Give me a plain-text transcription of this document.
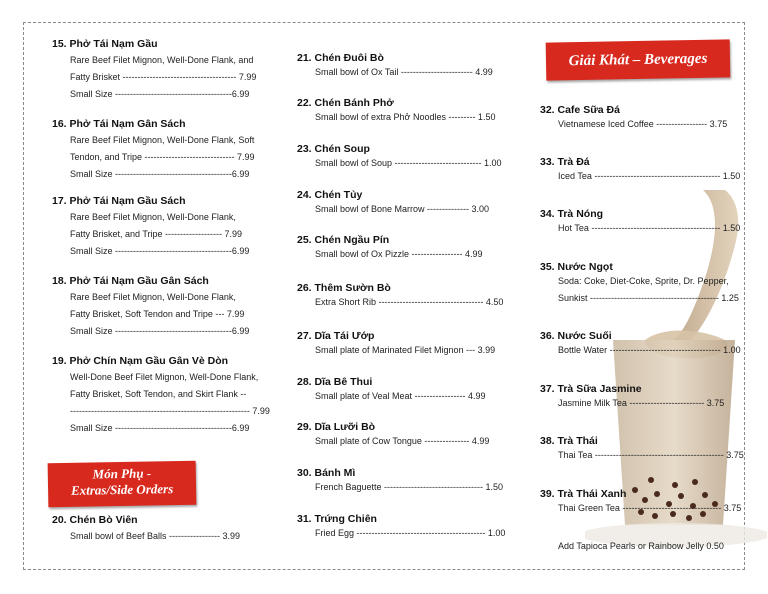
15. Phở Tái Nạm Gầu
Rare Beef Filet Mignon, Well-Done Flank, and
Fatty Brisket -------------------------------------- 7.99
Small Size ---------------------------------------6.99
16. Phở Tái Nạm Gân Sách
Rare Beef Filet Mignon, Well-Done Flank, Soft
Tendon, and Tripe ------------------------------ 7.99
Small Size ---------------------------------------6.99
17. Phở Tái Nạm Gầu Sách
Rare Beef Filet Mignon, Well-Done Flank,
Fatty Brisket, and Tripe ------------------- 7.99
Small Size ---------------------------------------6.99
18. Phở Tái Nạm Gầu Gân Sách
Rare Beef Filet Mignon, Well-Done Flank,
Fatty Brisket, Soft Tendon and Tripe --- 7.99
Small Size ---------------------------------------6.99
19. Phở Chín Nạm Gầu Gân Vè Dòn
Well-Done Beef Filet Mignon, Well-Done Flank,
Fatty Brisket, Soft Tendon, and Skirt Flank --
------------------------------------------------------------ 7.99
Small Size ---------------------------------------6.99
Món Phụ -
Extras/Side Orders
20. Chén Bò Viên
Small bowl of Beef Balls ----------------- 3.99
21. Chén Đuôi Bò
Small bowl of Ox Tail ------------------------ 4.99
22. Chén Bánh Phở
Small bowl of extra Phở Noodles --------- 1.50
23. Chén Soup
Small bowl of Soup ----------------------------- 1.00
24. Chén Tủy
Small bowl of Bone Marrow -------------- 3.00
25. Chén Ngầu Pín
Small bowl of Ox Pizzle ----------------- 4.99
26. Thêm Sườn Bò
Extra Short Rib ----------------------------------- 4.50
27. Dĩa Tái Ướp
Small plate of Marinated Filet Mignon --- 3.99
28. Dĩa Bê Thui
Small plate of Veal Meat ----------------- 4.99
29. Dĩa Lưỡi Bò
Small plate of Cow Tongue --------------- 4.99
30. Bánh Mì
French Baguette --------------------------------- 1.50
31. Trứng Chiên
Fried Egg ------------------------------------------- 1.00
Giải Khát – Beverages
32. Cafe Sữa Đá
Vietnamese Iced Coffee ----------------- 3.75
33. Trà Đá
Iced Tea ------------------------------------------ 1.50
34. Trà Nóng
Hot Tea ------------------------------------------- 1.50
35. Nước Ngọt
Soda: Coke, Diet-Coke, Sprite, Dr. Pepper,
Sunkist ------------------------------------------- 1.25
36. Nước Suối
Bottle Water ------------------------------------- 1.00
37. Trà Sữa Jasmine
Jasmine Milk Tea ------------------------- 3.75
38. Trà Thái
Thai Tea ------------------------------------------- 3.75
39. Trà Thái Xanh
Thai Green Tea --------------------------------- 3.75
Add Tapioca Pearls or Rainbow Jelly 0.50
